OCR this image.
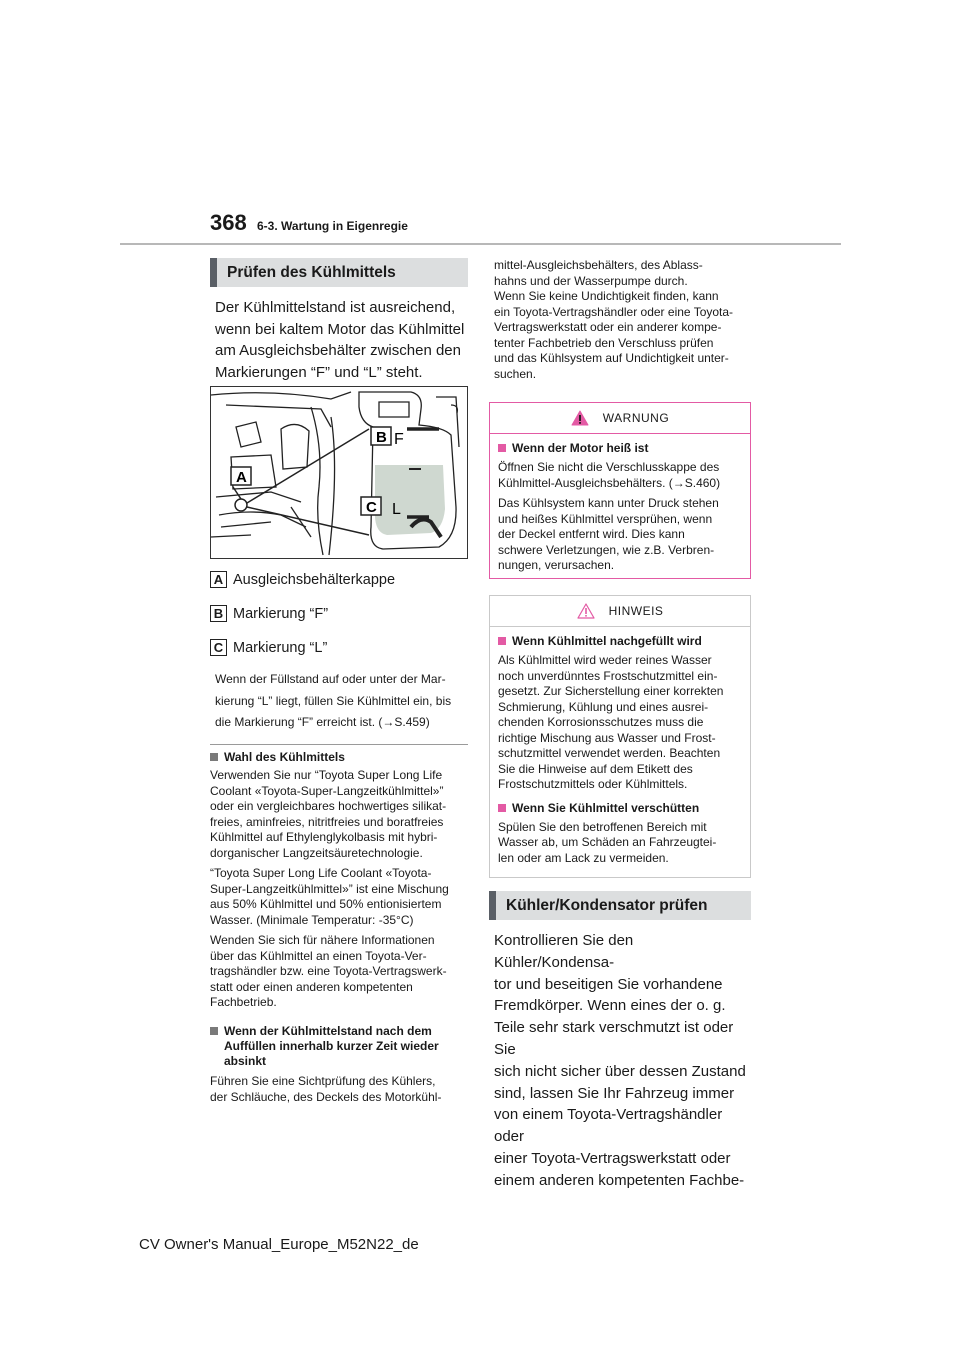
368 6-3. Wartung in Eigenregie
Prüfen des Kühlmittels
Der Kühlmittelstand ist ausreichend,
wenn bei kaltem Motor das Kühlmittel
am Ausgleichsbehälter zwischen den
Markierungen “F” und “L” steht.
A
B
C
F
L
A Ausgleichsbehälterkappe
B Markierung “F”
C Markierung “L”
Wenn der Füllstand auf oder unter der Mar-
kierung “L” liegt, füllen Sie Kühlmittel ein, bis
die Markierung “F” erreicht ist. (→S.459)
Wahl des Kühlmittels
Verwenden Sie nur “Toyota Super Long Life
Coolant «Toyota-Super-Langzeitkühlmittel»”
oder ein vergleichbares hochwertiges silikat-
freies, aminfreies, nitritfreies und boratfreies
Kühlmittel auf Ethylenglykolbasis mit hybri-
dorganischer Langzeitsäuretechnologie.
“Toyota Super Long Life Coolant «Toyota-
Super-Langzeitkühlmittel»” ist eine Mischung
aus 50% Kühlmittel und 50% entionisiertem
Wasser. (Minimale Temperatur: -35°C)
Wenden Sie sich für nähere Informationen
über das Kühlmittel an einen Toyota-Ver-
tragshändler bzw. eine Toyota-Vertragswerk-
statt oder einen anderen kompetenten
Fachbetrieb.
Wenn der Kühlmittelstand nach dem
Auffüllen innerhalb kurzer Zeit wieder
absinkt
Führen Sie eine Sichtprüfung des Kühlers,
der Schläuche, des Deckels des Motorkühl-
mittel-Ausgleichsbehälters, des Ablass-
hahns und der Wasserpumpe durch.
Wenn Sie keine Undichtigkeit finden, kann
ein Toyota-Vertragshändler oder eine Toyota-
Vertragswerkstatt oder ein anderer kompe-
tenter Fachbetrieb den Verschluss prüfen
und das Kühlsystem auf Undichtigkeit unter-
suchen.
WARNUNG
Wenn der Motor heiß ist

Öffnen Sie nicht die Verschlusskappe des
Kühlmittel-Ausgleichsbehälters. (→S.460)

Das Kühlsystem kann unter Druck stehen
und heißes Kühlmittel versprühen, wenn
der Deckel entfernt wird. Dies kann
schwere Verletzungen, wie z.B. Verbren-
nungen, verursachen.

HINWEIS
Wenn Kühlmittel nachgefüllt wird

Als Kühlmittel wird weder reines Wasser
noch unverdünntes Frostschutzmittel ein-
gesetzt. Zur Sicherstellung einer korrekten
Schmierung, Kühlung und eines ausrei-
chenden Korrosionsschutzes muss die
richtige Mischung aus Wasser und Frost-
schutzmittel verwendet werden. Beachten
Sie die Hinweise auf dem Etikett des
Frostschutzmittels oder Kühlmittels.

Wenn Sie Kühlmittel verschütten

Spülen Sie den betroffenen Bereich mit
Wasser ab, um Schäden an Fahrzeugtei-
len oder am Lack zu vermeiden.

Kühler/Kondensator prüfen
Kontrollieren Sie den Kühler/Kondensa-
tor und beseitigen Sie vorhandene
Fremdkörper. Wenn eines der o. g.
Teile sehr stark verschmutzt ist oder Sie
sich nicht sicher über dessen Zustand
sind, lassen Sie Ihr Fahrzeug immer
von einem Toyota-Vertragshändler oder
einer Toyota-Vertragswerkstatt oder
einem anderen kompetenten Fachbe-
CV Owner's Manual_Europe_M52N22_de
